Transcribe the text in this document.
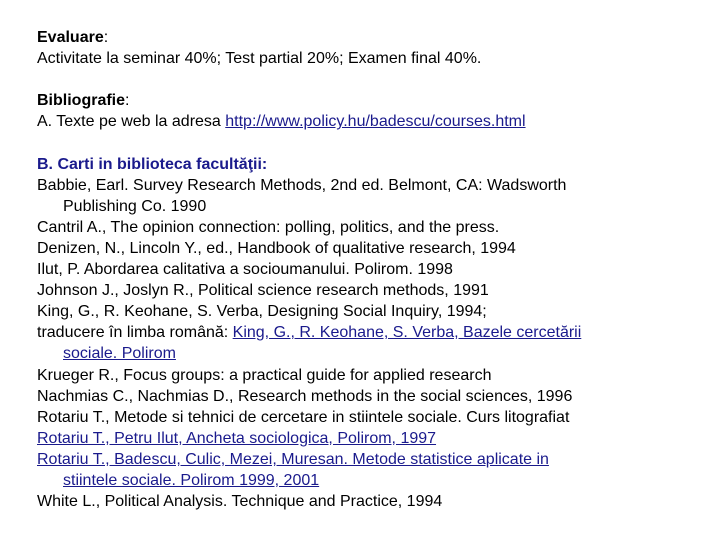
Evaluare:
Activitate la seminar 40%; Test partial 20%; Examen final 40%.
Bibliografie:
A. Texte pe web la adresa http://www.policy.hu/badescu/courses.html
B. Carti in biblioteca facultăţii:
Babbie, Earl. Survey Research Methods, 2nd ed. Belmont, CA: Wadsworth
Publishing Co. 1990
Cantril A., The opinion connection: polling, politics, and the press.
Denizen, N., Lincoln Y., ed., Handbook of qualitative research, 1994
Ilut, P. Abordarea calitativa a socioumanului. Polirom. 1998
Johnson J., Joslyn R., Political science research methods, 1991
King, G., R. Keohane, S. Verba, Designing Social Inquiry, 1994;
traducere în limba română: King, G., R. Keohane, S. Verba, Bazele cercetării
sociale. Polirom
Krueger R., Focus groups: a practical guide for applied research
Nachmias C., Nachmias D., Research methods in the social sciences, 1996
Rotariu T., Metode si tehnici de cercetare in stiintele sociale. Curs litografiat
Rotariu T., Petru Ilut, Ancheta sociologica, Polirom, 1997
Rotariu T., Badescu, Culic, Mezei, Muresan. Metode statistice aplicate in
stiintele sociale. Polirom 1999, 2001
White L., Political Analysis. Technique and Practice, 1994
